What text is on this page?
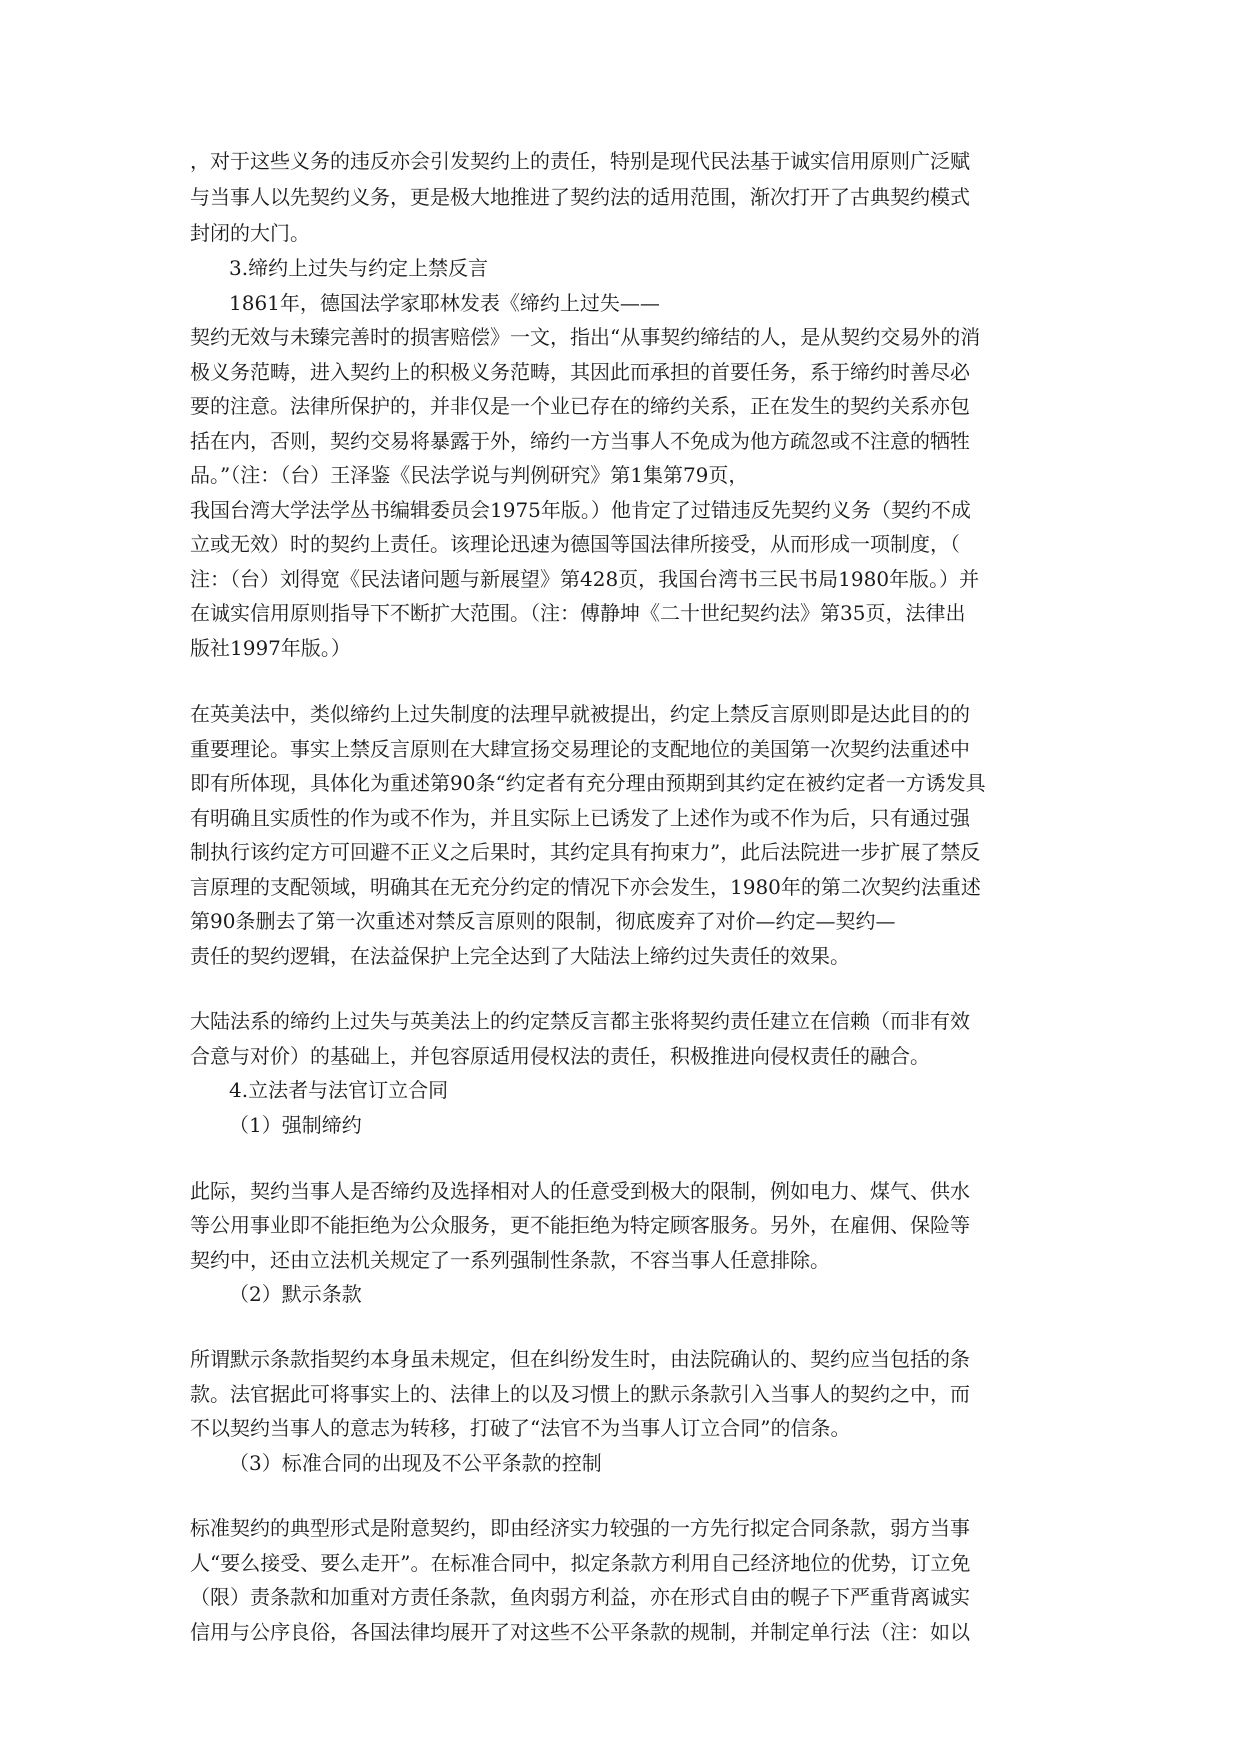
，对于这些义务的违反亦会引发契约上的责任，特别是现代民法基于诚实信用原则广泛赋
与当事人以先契约义务，更是极大地推进了契约法的适用范围，渐次打开了古典契约模式
封闭的大门。
3.缔约上过失与约定上禁反言
1861年，德国法学家耶林发表《缔约上过失——
契约无效与未臻完善时的损害赔偿》一文，指出“从事契约缔结的人，是从契约交易外的消
极义务范畴，进入契约上的积极义务范畴，其因此而承担的首要任务，系于缔约时善尽必
要的注意。法律所保护的，并非仅是一个业已存在的缔约关系，正在发生的契约关系亦包
括在内，否则，契约交易将暴露于外，缔约一方当事人不免成为他方疏忽或不注意的牺牲
品。”（注：（台）王泽鉴《民法学说与判例研究》第1集第79页，
我国台湾大学法学丛书编辑委员会1975年版。）他肯定了过错违反先契约义务（契约不成
立或无效）时的契约上责任。该理论迅速为德国等国法律所接受，从而形成一项制度，（
注：（台）刘得宽《民法诸问题与新展望》第428页，我国台湾书三民书局1980年版。）并
在诚实信用原则指导下不断扩大范围。（注：傅静坤《二十世纪契约法》第35页，法律出
版社1997年版。）
在英美法中，类似缔约上过失制度的法理早就被提出，约定上禁反言原则即是达此目的的
重要理论。事实上禁反言原则在大肆宣扬交易理论的支配地位的美国第一次契约法重述中
即有所体现，具体化为重述第90条“约定者有充分理由预期到其约定在被约定者一方诱发具
有明确且实质性的作为或不作为，并且实际上已诱发了上述作为或不作为后，只有通过强
制执行该约定方可回避不正义之后果时，其约定具有拘束力”，此后法院进一步扩展了禁反
言原理的支配领域，明确其在无充分约定的情况下亦会发生，1980年的第二次契约法重述
第90条删去了第一次重述对禁反言原则的限制，彻底废弃了对价—约定—契约—
责任的契约逻辑，在法益保护上完全达到了大陆法上缔约过失责任的效果。
大陆法系的缔约上过失与英美法上的约定禁反言都主张将契约责任建立在信赖（而非有效
合意与对价）的基础上，并包容原适用侵权法的责任，积极推进向侵权责任的融合。
4.立法者与法官订立合同
（1）强制缔约
此际，契约当事人是否缔约及选择相对人的任意受到极大的限制，例如电力、煤气、供水
等公用事业即不能拒绝为公众服务，更不能拒绝为特定顾客服务。另外，在雇佣、保险等
契约中，还由立法机关规定了一系列强制性条款，不容当事人任意排除。
（2）默示条款
所谓默示条款指契约本身虽未规定，但在纠纷发生时，由法院确认的、契约应当包括的条
款。法官据此可将事实上的、法律上的以及习惯上的默示条款引入当事人的契约之中，而
不以契约当事人的意志为转移，打破了“法官不为当事人订立合同”的信条。
（3）标准合同的出现及不公平条款的控制
标准契约的典型形式是附意契约，即由经济实力较强的一方先行拟定合同条款，弱方当事
人“要么接受、要么走开”。在标准合同中，拟定条款方利用自己经济地位的优势，订立免
（限）责条款和加重对方责任条款，鱼肉弱方利益，亦在形式自由的幌子下严重背离诚实
信用与公序良俗，各国法律均展开了对这些不公平条款的规制，并制定单行法（注：如以
